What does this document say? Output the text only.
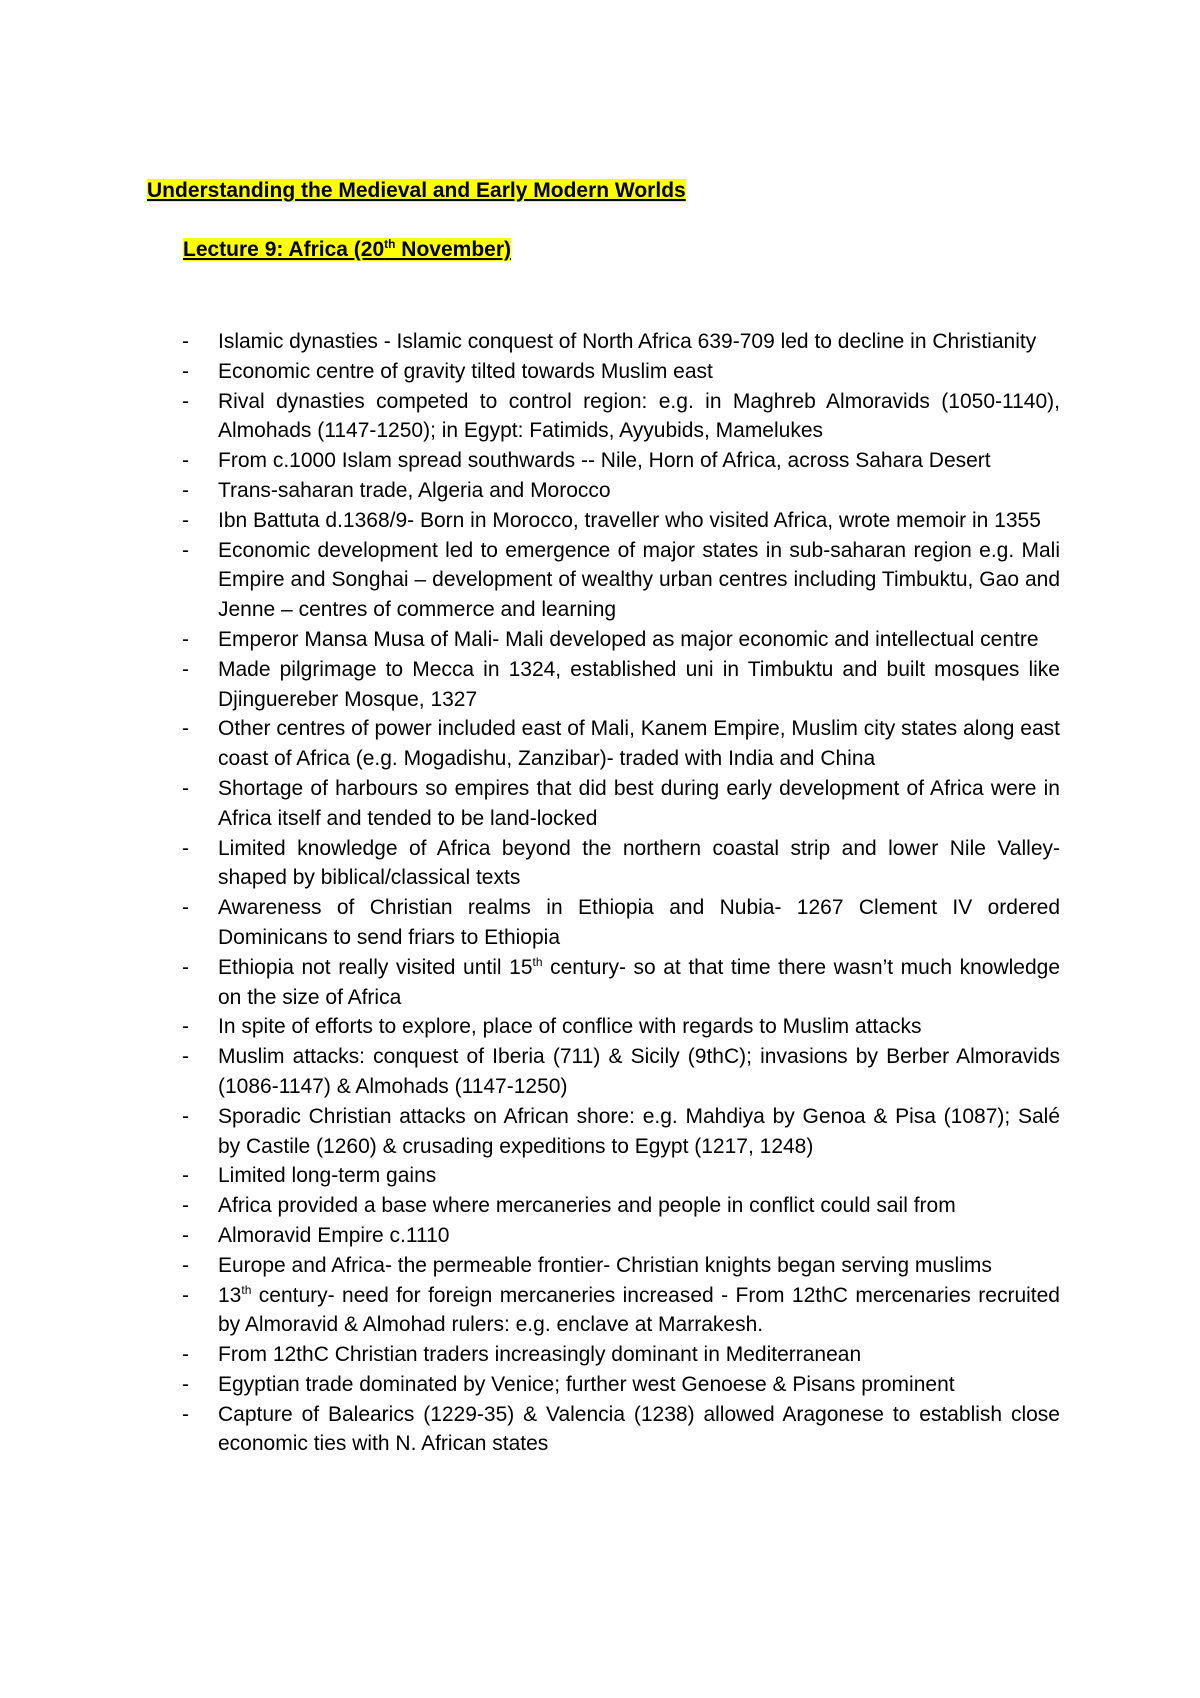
Understanding the Medieval and Early Modern Worlds
Lecture 9: Africa (20th November)
- Islamic dynasties - Islamic conquest of North Africa 639-709 led to decline in Christianity
- Economic centre of gravity tilted towards Muslim east
- Rival dynasties competed to control region: e.g. in Maghreb Almoravids (1050-1140), Almohads (1147-1250); in Egypt: Fatimids, Ayyubids, Mamelukes
- From c.1000 Islam spread southwards -- Nile, Horn of Africa, across Sahara Desert
- Trans-saharan trade, Algeria and Morocco
- Ibn Battuta d.1368/9- Born in Morocco, traveller who visited Africa, wrote memoir in 1355
- Economic development led to emergence of major states in sub-saharan region e.g. Mali Empire and Songhai – development of wealthy urban centres including Timbuktu, Gao and Jenne – centres of commerce and learning
- Emperor Mansa Musa of Mali- Mali developed as major economic and intellectual centre
- Made pilgrimage to Mecca in 1324, established uni in Timbuktu and built mosques like Djinguereber Mosque, 1327
- Other centres of power included east of Mali, Kanem Empire, Muslim city states along east coast of Africa (e.g. Mogadishu, Zanzibar)- traded with India and China
- Shortage of harbours so empires that did best during early development of Africa were in Africa itself and tended to be land-locked
- Limited knowledge of Africa beyond the northern coastal strip and lower Nile Valley- shaped by biblical/classical texts
- Awareness of Christian realms in Ethiopia and Nubia- 1267 Clement IV ordered Dominicans to send friars to Ethiopia
- Ethiopia not really visited until 15th century- so at that time there wasn’t much knowledge on the size of Africa
- In spite of efforts to explore, place of conflice with regards to Muslim attacks
- Muslim attacks: conquest of Iberia (711) & Sicily (9thC); invasions by Berber Almoravids (1086-1147) & Almohads (1147-1250)
- Sporadic Christian attacks on African shore: e.g. Mahdiya by Genoa & Pisa (1087); Salé by Castile (1260) & crusading expeditions to Egypt (1217, 1248)
- Limited long-term gains
- Africa provided a base where mercaneries and people in conflict could sail from
- Almoravid Empire c.1110
- Europe and Africa- the permeable frontier- Christian knights began serving muslims
- 13th century- need for foreign mercaneries increased - From 12thC mercenaries recruited by Almoravid & Almohad rulers: e.g. enclave at Marrakesh.
- From 12thC Christian traders increasingly dominant in Mediterranean
- Egyptian trade dominated by Venice; further west Genoese & Pisans prominent
- Capture of Balearics (1229-35) & Valencia (1238) allowed Aragonese to establish close economic ties with N. African states
